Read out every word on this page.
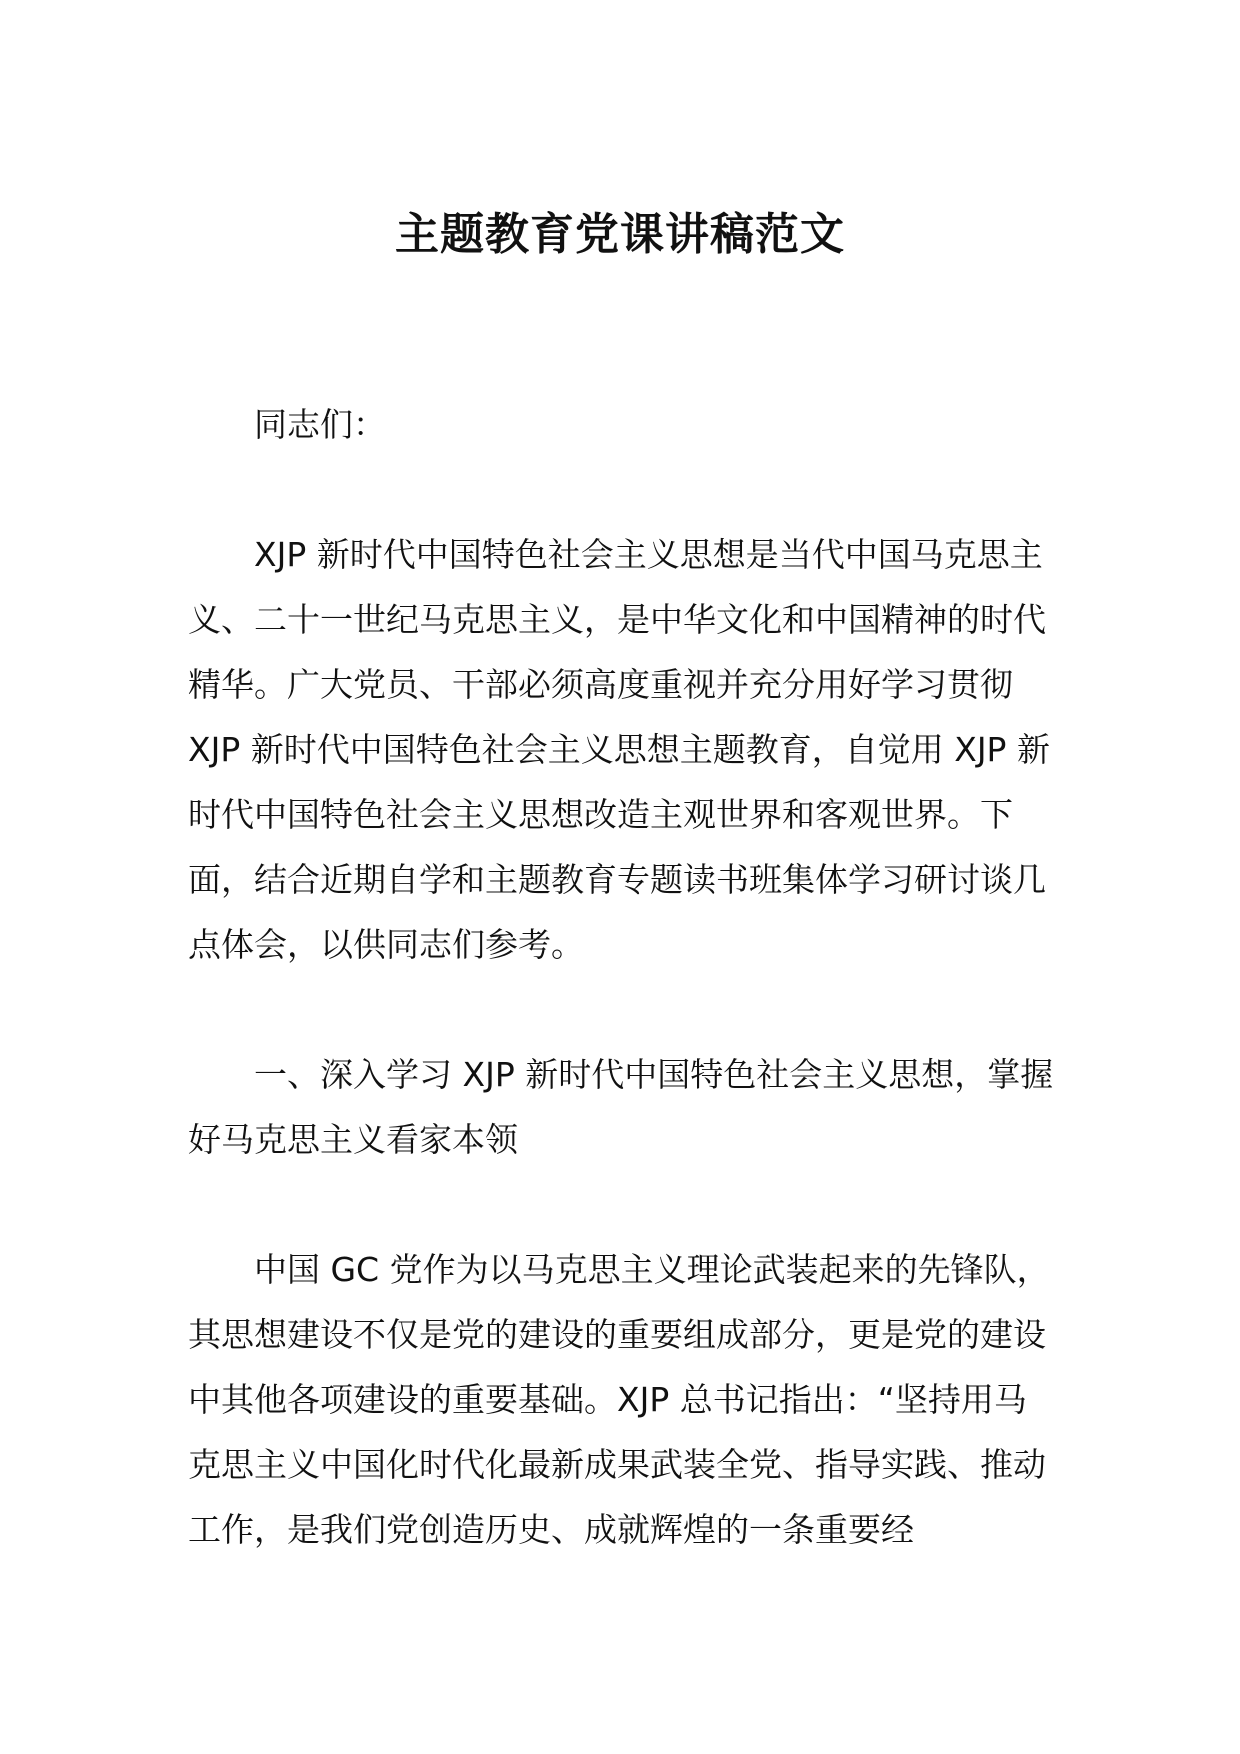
主题教育党课讲稿范文

同志们：

XJP 新时代中国特色社会主义思想是当代中国马克思主义、二十一世纪马克思主义，是中华文化和中国精神的时代精华。广大党员、干部必须高度重视并充分用好学习贯彻 XJP 新时代中国特色社会主义思想主题教育，自觉用 XJP 新时代中国特色社会主义思想改造主观世界和客观世界。下面，结合近期自学和主题教育专题读书班集体学习研讨谈几点体会，以供同志们参考。

一、深入学习 XJP 新时代中国特色社会主义思想，掌握好马克思主义看家本领

中国 GC 党作为以马克思主义理论武装起来的先锋队，其思想建设不仅是党的建设的重要组成部分，更是党的建设中其他各项建设的重要基础。XJP 总书记指出：“坚持用马克思主义中国化时代化最新成果武装全党、指导实践、推动工作，是我们党创造历史、成就辉煌的一条重要经
